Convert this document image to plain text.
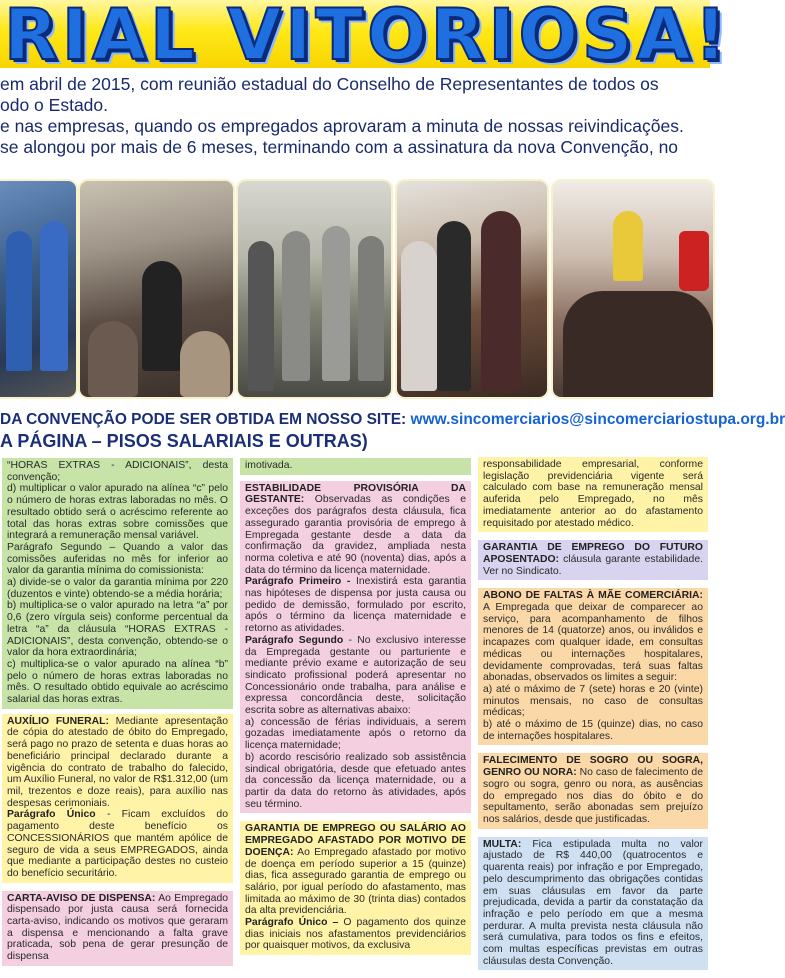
RIAL VITORIOSA!
em abril de 2015, com reunião estadual do Conselho de Representantes de todos os
odo o Estado.
e nas empresas, quando os empregados aprovaram a minuta de nossas reivindicações.
se alongou por mais de 6 meses, terminando com a assinatura da nova Convenção, no
DA CONVENÇÃO PODE SER OBTIDA EM NOSSO SITE: www.sincomerciarios@sincomerciariostupa.org.br
A PÁGINA – PISOS SALARIAIS E OUTRAS)

“HORAS EXTRAS - ADICIONAIS”, desta convenção;

d) multiplicar o valor apurado na alínea “c” pelo o número de horas extras laboradas no mês. O resultado obtido será o acréscimo referente ao total das horas extras sobre comissões que integrará a remuneração mensal variável.

Parágrafo Segundo – Quando a valor das comissões auferidas no mês for inferior ao valor da garantia mínima do comissionista:

a) divide-se o valor da garantia mínima por 220 (duzentos e vinte) obtendo-se a média horária;

b) multiplica-se o valor apurado na letra “a” por 0,6 (zero vírgula seis) conforme percentual da letra “a” da cláusula “HORAS EXTRAS - ADICIONAIS”, desta convenção, obtendo-se o valor da hora extraordinária;

c) multiplica-se o valor apurado na alínea “b” pelo o número de horas extras laboradas no mês. O resultado obtido equivale ao acréscimo salarial das horas extras.

AUXÍLIO FUNERAL: Mediante apresentação de cópia do atestado de óbito do Empregado, será pago no prazo de setenta e duas horas ao beneficiário principal declarado durante a vigência do contrato de trabalho do falecido, um Auxílio Funeral, no valor de R$1.312,00 (um mil, trezentos e doze reais), para auxílio nas despesas cerimoniais.

Parágrafo Único - Ficam excluídos do pagamento deste benefício os CONCESSIONÁRIOS que mantém apólice de seguro de vida a seus EMPREGADOS, ainda que mediante a participação destes no custeio do benefício securitário.

CARTA-AVISO DE DISPENSA: Ao Empregado dispensado por justa causa será fornecida carta-aviso, indicando os motivos que geraram a dispensa e mencionando a falta grave praticada, sob pena de gerar presunção de dispensa

imotivada.

ESTABILIDADE PROVISÓRIA DA GESTANTE: Observadas as condições e exceções dos parágrafos desta cláusula, fica assegurado garantia provisória de emprego à Empregada gestante desde a data da confirmação da gravidez, ampliada nesta norma coletiva e até 90 (noventa) dias, após a data do término da licença maternidade.

Parágrafo Primeiro - Inexistirá esta garantia nas hipóteses de dispensa por justa causa ou pedido de demissão, formulado por escrito, após o término da licença maternidade e retorno as atividades.

Parágrafo Segundo - No exclusivo interesse da Empregada gestante ou parturiente e mediante prévio exame e autorização de seu sindicato profissional poderá apresentar no Concessionário onde trabalha, para análise e expressa concordância deste, solicitação escrita sobre as alternativas abaixo:

a) concessão de férias individuais, a serem gozadas imediatamente após o retorno da licença maternidade;

b) acordo rescisório realizado sob assistência sindical obrigatória, desde que efetuado antes da concessão da licença maternidade, ou a partir da data do retorno às atividades, após seu término.

GARANTIA DE EMPREGO OU SALÁRIO AO EMPREGADO AFASTADO POR MOTIVO DE DOENÇA: Ao Empregado afastado por motivo de doença em período superior a 15 (quinze) dias, fica assegurado garantia de emprego ou salário, por igual período do afastamento, mas limitada ao máximo de 30 (trinta dias) contados da alta previdenciária.

Parágrafo Único – O pagamento dos quinze dias iniciais nos afastamentos previdenciários por quaisquer motivos, da exclusiva

responsabilidade empresarial, conforme legislação previdenciária vigente será calculado com base na remuneração mensal auferida pelo Empregado, no mês imediatamente anterior ao do afastamento requisitado por atestado médico.

GARANTIA DE EMPREGO DO FUTURO APOSENTADO: cláusula garante estabilidade. Ver no Sindicato.

ABONO DE FALTAS À MÃE COMERCIÁRIA: A Empregada que deixar de comparecer ao serviço, para acompanhamento de filhos menores de 14 (quatorze) anos, ou inválidos e incapazes com qualquer idade, em consultas médicas ou internações hospitalares, devidamente comprovadas, terá suas faltas abonadas, observados os limites a seguir:

a) até o máximo de 7 (sete) horas e 20 (vinte) minutos mensais, no caso de consultas médicas;

b) até o máximo de 15 (quinze) dias, no caso de internações hospitalares.

FALECIMENTO DE SOGRO OU SOGRA, GENRO OU NORA: No caso de falecimento de sogro ou sogra, genro ou nora, as ausências do empregado nos dias do óbito e do sepultamento, serão abonadas sem prejuízo nos salários, desde que justificadas.

MULTA: Fica estipulada multa no valor ajustado de R$ 440,00 (quatrocentos e quarenta reais) por infração e por Empregado, pelo descumprimento das obrigações contidas em suas cláusulas em favor da parte prejudicada, devida a partir da constatação da infração e pelo período em que a mesma perdurar. A multa prevista nesta cláusula não será cumulativa, para todos os fins e efeitos, com multas específicas previstas em outras cláusulas desta Convenção.
